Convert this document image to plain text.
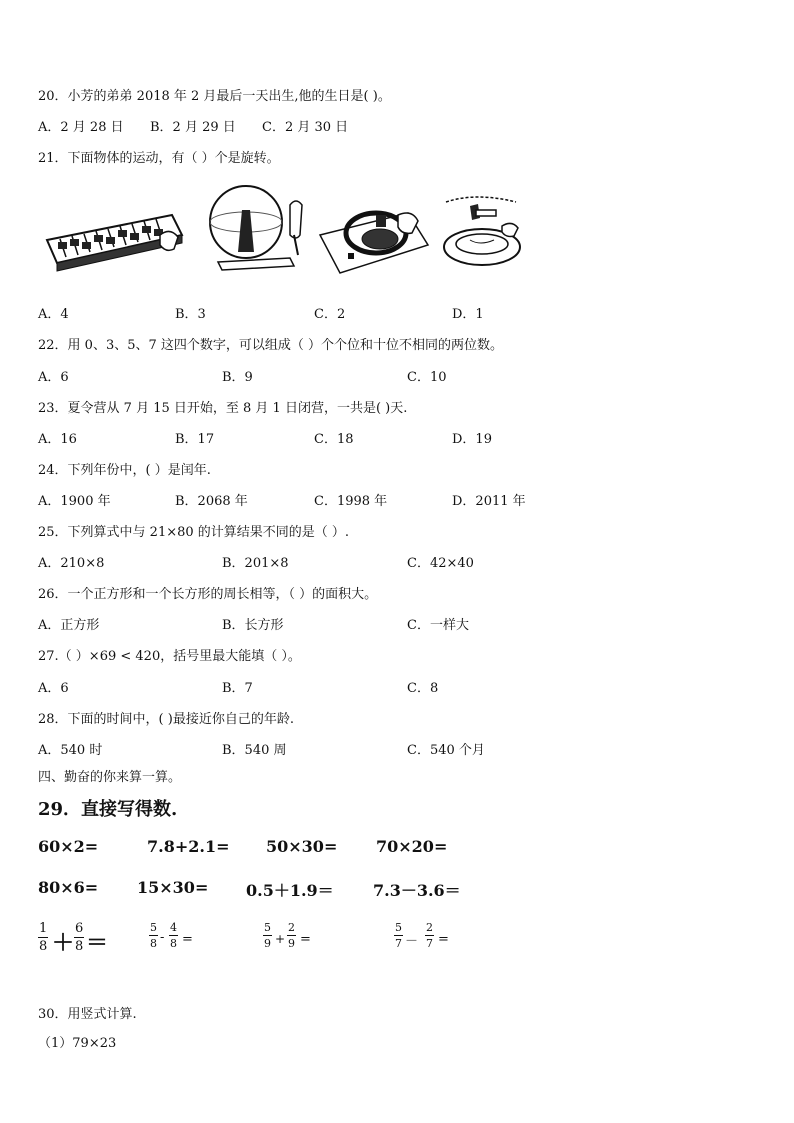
20．小芳的弟弟 2018 年 2 月最后一天出生,他的生日是( )。
A．2 月 28 日 B．2 月 29 日 C．2 月 30 日
21．下面物体的运动，有（ ）个是旋转。
A．4	B．3	C．2	D．1
22．用 0、3、5、7 这四个数字，可以组成（ ）个个位和十位不相同的两位数。
A．6	B．9	C．10
23．夏令营从 7 月 15 日开始，至 8 月 1 日闭营，一共是( )天.
A．16	B．17	C．18	D．19
24．下列年份中，( ）是闰年.
A．1900 年	B．2068 年	C．1998 年	D．2011 年
25．下列算式中与 21×80 的计算结果不同的是（ ）.
A．210×8	B．201×8	C．42×40
26．一个正方形和一个长方形的周长相等，（ ）的面积大。
A．正方形	B．长方形	C．一样大
27.（ ）×69 < 420，括号里最大能填（ ）。
A．6	B．7	C．8
28．下面的时间中，( )最接近你自己的年龄.
A．540 时	B．540 周	C．540 个月
四、勤奋的你来算一算。
29．直接写得数.
60×2=	7.8+2.1= 50×30= 70×20=
80×6= 15×30= 0.5＋1.9＝ 7.3－3.6＝
$\frac{1}{8} + \frac{6}{8}$ ＝	$\frac{5}{8} - \frac{4}{8}$ =	$\frac{5}{9} + \frac{2}{9}$ =	$\frac{5}{7} - \frac{2}{7}$ =
30．用竖式计算.
（1）79×23
